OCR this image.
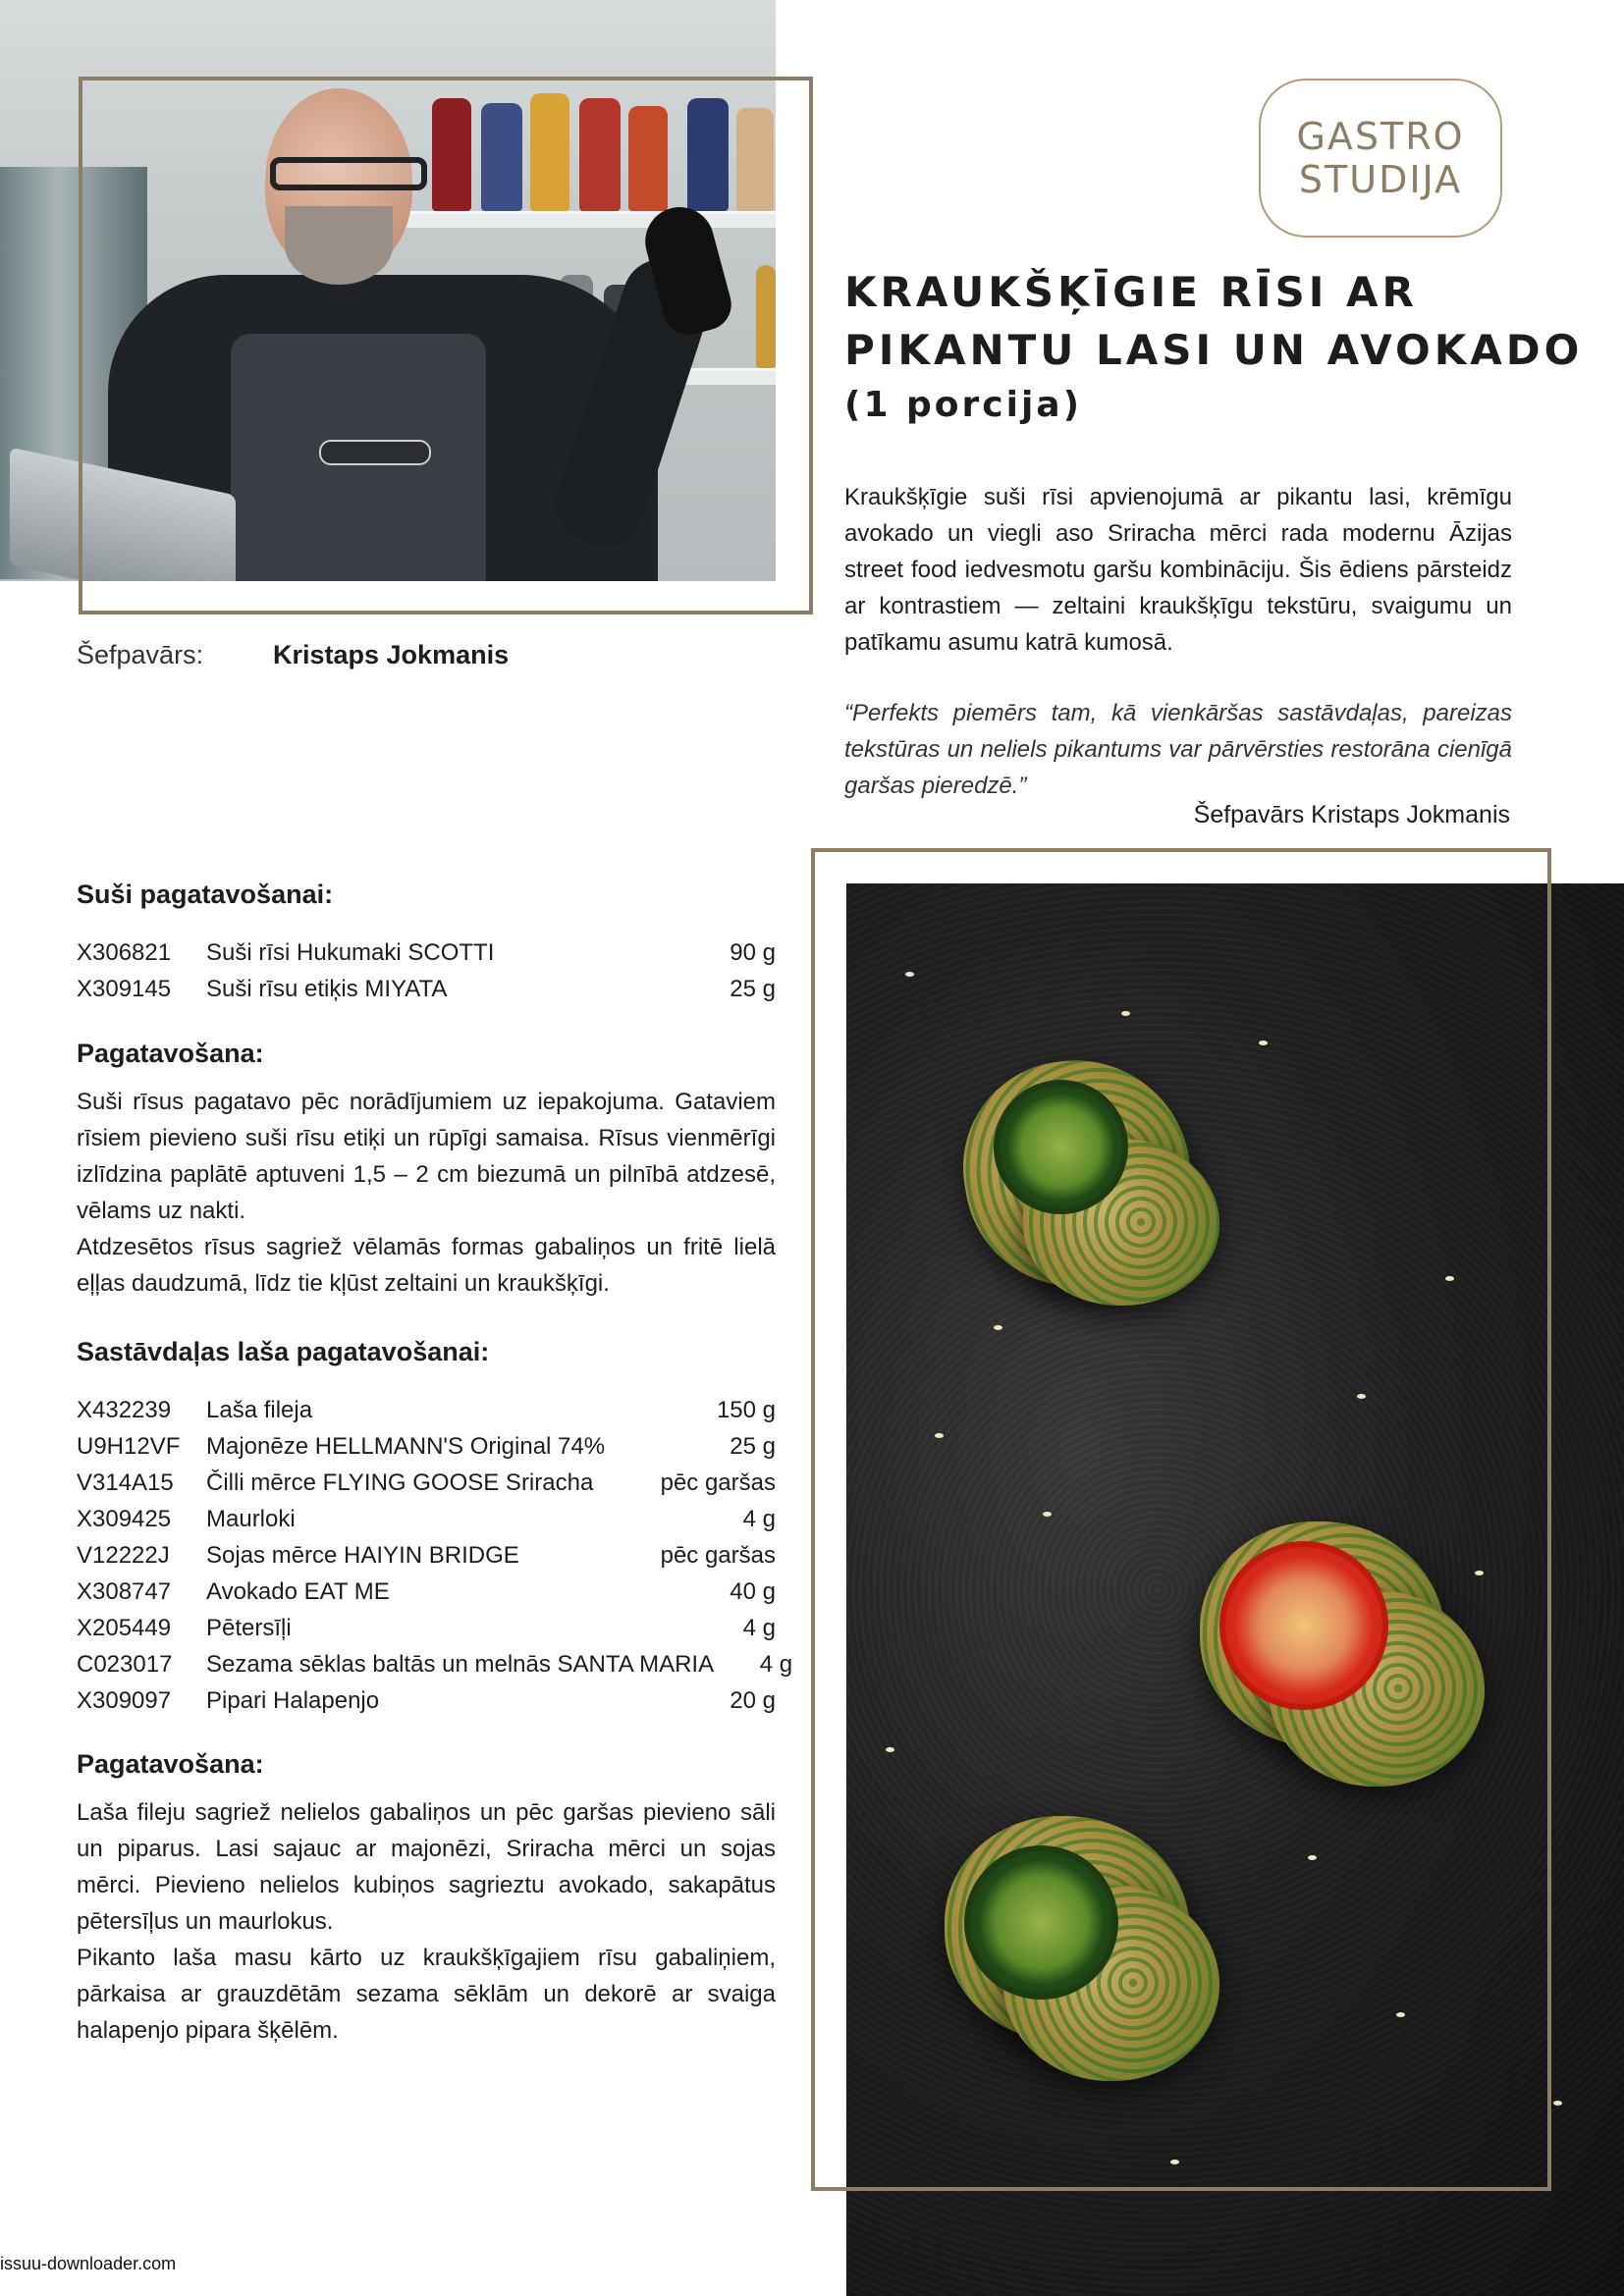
GASTRO
STUDIJA
KRAUKŠĶĪGIE RĪSI AR
PIKANTU LASI UN AVOKADO
(1 porcija)
Kraukšķīgie suši rīsi apvienojumā ar pikantu lasi, krēmīgu avokado un viegli aso Sriracha mērci rada modernu Āzijas street food iedvesmotu garšu kombināciju. Šis ēdiens pārsteidz ar kontrastiem — zeltaini kraukšķīgu tekstūru, svaigumu un patīkamu asumu katrā kumosā.
“Perfekts piemērs tam, kā vienkāršas sastāvdaļas, pareizas tekstūras un neliels pikantums var pārvērsties restorāna cienīgā garšas pieredzē.”
Šefpavārs Kristaps Jokmanis
Šefpavārs:	Kristaps Jokmanis
Suši pagatavošanai:
X306821	Suši rīsi Hukumaki SCOTTI	90 g
X309145	Suši rīsu etiķis MIYATA	25 g
Pagatavošana:

Suši rīsus pagatavo pēc norādījumiem uz iepakojuma. Gataviem rīsiem pievieno suši rīsu etiķi un rūpīgi samaisa. Rīsus vienmērīgi izlīdzina paplātē aptuveni 1,5 – 2 cm biezumā un pilnībā atdzesē, vēlams uz nakti.

Atdzesētos rīsus sagriež vēlamās formas gabaliņos un fritē lielā eļļas daudzumā, līdz tie kļūst zeltaini un kraukšķīgi.

Sastāvdaļas laša pagatavošanai:
X432239	Laša fileja	150 g
U9H12VF	Majonēze HELLMANN'S Original 74%	25 g
V314A15	Čilli mērce FLYING GOOSE Sriracha	pēc garšas
X309425	Maurloki	4 g
V12222J	Sojas mērce HAIYIN BRIDGE	pēc garšas
X308747	Avokado EAT ME	40 g
X205449	Pētersīļi	4 g
C023017	Sezama sēklas baltās un melnās SANTA MARIA	4 g
X309097	Pipari Halapenjo	20 g
Pagatavošana:

Laša fileju sagriež nelielos gabaliņos un pēc garšas pievieno sāli un piparus. Lasi sajauc ar majonēzi, Sriracha mērci un sojas mērci. Pievieno nelielos kubiņos sagrieztu avokado, sakapātus pētersīļus un maurlokus.

Pikanto laša masu kārto uz kraukšķīgajiem rīsu gabaliņiem, pārkaisa ar grauzdētām sezama sēklām un dekorē ar svaiga halapenjo pipara šķēlēm.

issuu-downloader.com
